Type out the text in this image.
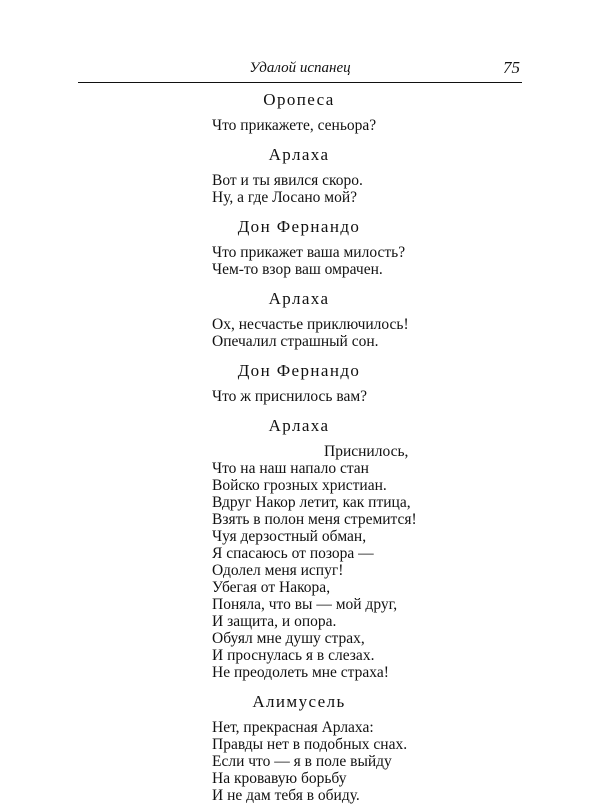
Удалой испанец	75
Оропеса
Что прикажете, сеньора?
Арлаха
Вот и ты явился скоро.
Ну, а где Лосано мой?
Дон Фернандо
Что прикажет ваша милость?
Чем-то взор ваш омрачен.
Арлаха
Ох, несчастье приключилось!
Опечалил страшный сон.
Дон Фернандо
Что ж приснилось вам?
Арлаха
Приснилось,
Что на наш напало стан
Войско грозных христиан.
Вдруг Накор летит, как птица,
Взять в полон меня стремится!
Чуя дерзостный обман,
Я спасаюсь от позора —
Одолел меня испуг!
Убегая от Накора,
Поняла, что вы — мой друг,
И защита, и опора.
Обуял мне душу страх,
И проснулась я в слезах.
Не преодолеть мне страха!
Алимусель
Нет, прекрасная Арлаха:
Правды нет в подобных снах.
Если что — я в поле выйду
На кровавую борьбу
И не дам тебя в обиду.
